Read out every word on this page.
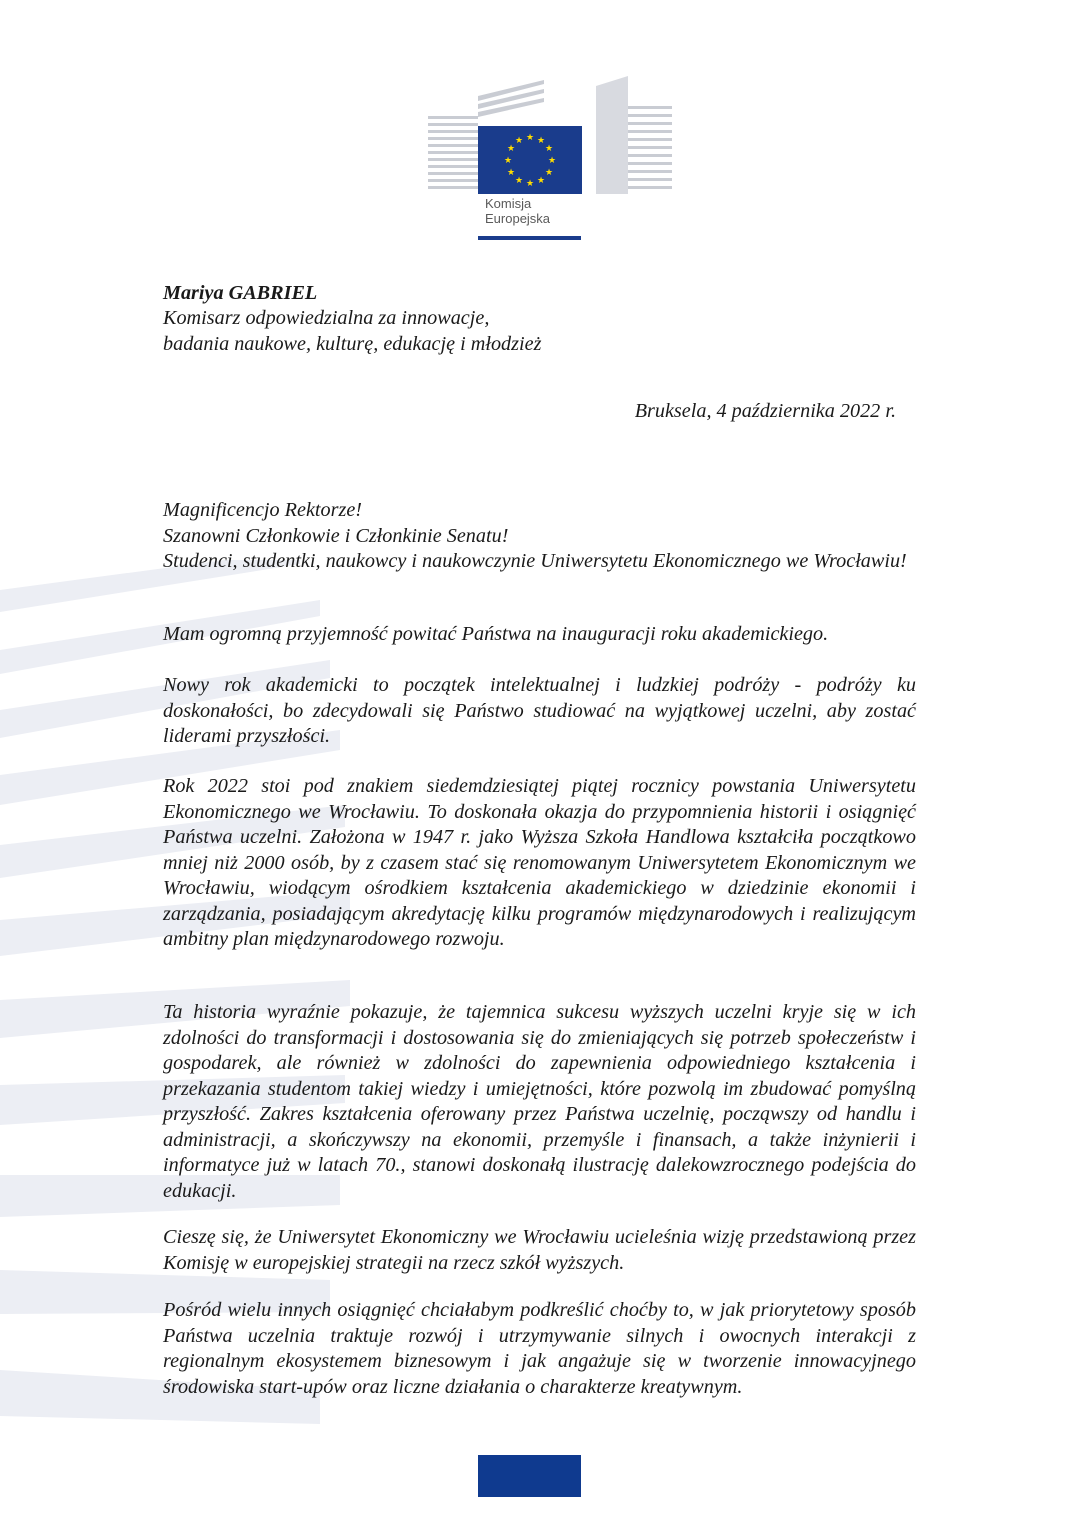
★ ★
★
★
★
★
★
★
★
★
★
★
Komisja
Europejska
Mariya GABRIEL
Komisarz odpowiedzialna za innowacje,
badania naukowe, kulturę, edukację i młodzież
Bruksela, 4 października 2022 r.

Magnificencjo Rektorze!

Szanowni Członkowie i Członkinie Senatu!

Studenci, studentki, naukowcy i naukowczynie Uniwersytetu Ekonomicznego we Wrocławiu!

Mam ogromną przyjemność powitać Państwa na inauguracji roku akademickiego.

Nowy rok akademicki to początek intelektualnej i ludzkiej podróży - podróży ku doskonałości, bo zdecydowali się Państwo studiować na wyjątkowej uczelni, aby zostać liderami przyszłości.

Rok 2022 stoi pod znakiem siedemdziesiątej piątej rocznicy powstania Uniwersytetu Ekonomicznego we Wrocławiu. To doskonała okazja do przypomnienia historii i osiągnięć Państwa uczelni. Założona w 1947 r. jako Wyższa Szkoła Handlowa kształciła początkowo mniej niż 2000 osób, by z czasem stać się renomowanym Uniwersytetem Ekonomicznym we Wrocławiu, wiodącym ośrodkiem kształcenia akademickiego w dziedzinie ekonomii i zarządzania, posiadającym akredytację kilku programów międzynarodowych i realizującym ambitny plan międzynarodowego rozwoju.

Ta historia wyraźnie pokazuje, że tajemnica sukcesu wyższych uczelni kryje się w ich zdolności do transformacji i dostosowania się do zmieniających się potrzeb społeczeństw i gospodarek, ale również w zdolności do zapewnienia odpowiedniego kształcenia i przekazania studentom takiej wiedzy i umiejętności, które pozwolą im zbudować pomyślną przyszłość. Zakres kształcenia oferowany przez Państwa uczelnię, począwszy od handlu i administracji, a skończywszy na ekonomii, przemyśle i finansach, a także inżynierii i informatyce już w latach 70., stanowi doskonałą ilustrację dalekowzrocznego podejścia do edukacji.

Cieszę się, że Uniwersytet Ekonomiczny we Wrocławiu ucieleśnia wizję przedstawioną przez Komisję w europejskiej strategii na rzecz szkół wyższych.

Pośród wielu innych osiągnięć chciałabym podkreślić choćby to, w jak priorytetowy sposób Państwa uczelnia traktuje rozwój i utrzymywanie silnych i owocnych interakcji z regionalnym ekosystemem biznesowym i jak angażuje się w tworzenie innowacyjnego środowiska start-upów oraz liczne działania o charakterze kreatywnym.
